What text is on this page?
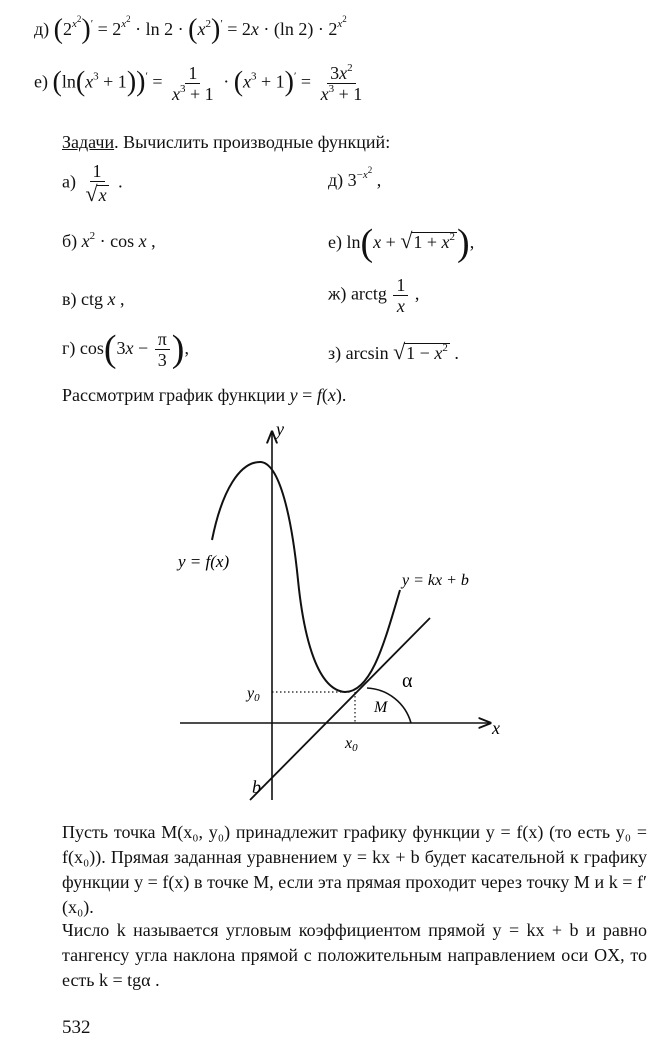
д) $(2^{x^2})' = 2^{x^2} \cdot \ln 2 \cdot (x^2)' = 2x \cdot (\ln$ $2) \cdot 2^{x^2}$
е) $(\ln(x^3 + 1))' = \frac{1}{x^3 + 1} \cdot (x^3 + 1)' = \frac{3x^2}{x^3 + 1}$
Задачи. Вычислить производные функций:
$а) \frac{1}{√x}$ .	д) $3^{-x^2}$ ,
б) $x^2 \cdot \cos x$ ,	е) $\ln(x + √1 + x^2)$,
в) ctg x ,	ж) arctg $\frac{1}{x}$ ,
г) $\cos(3x - \frac{\pi}{3}$ ),	з) $\arcsin √1 - x^2$ .
Рассмотрим график функции y = f(x).
y
x
y = f(x)
y = kx + b
α
M
y0
x0
b
Пусть точка M(x₀, y₀) принадлежит графику функции y = f(x) (то есть y₀ = f(x₀)). Прямая заданная уравнением y = kx + b будет касательной к графику функции y = f(x) в точке M, если эта прямая проходит через точку M и k = f′(x₀).
Число k называется угловым коэффициентом прямой y = kx + b и равно тангенсу угла наклона прямой с положительным направлением оси OX, то есть k = tgα .
532
